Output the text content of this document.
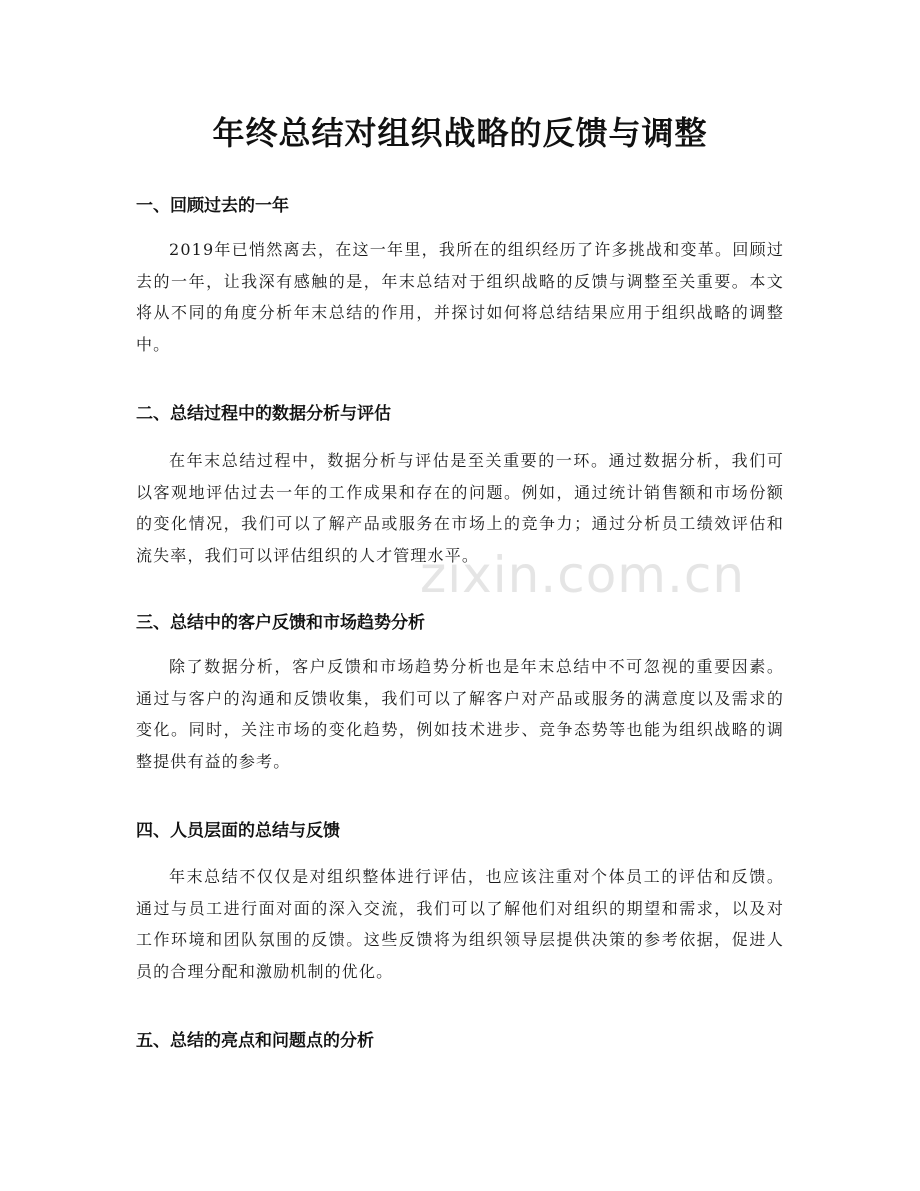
年终总结对组织战略的反馈与调整
一、回顾过去的一年

2019年已悄然离去，在这一年里，我所在的组织经历了许多挑战和变革。回顾过去的一年，让我深有感触的是，年末总结对于组织战略的反馈与调整至关重要。本文将从不同的角度分析年末总结的作用，并探讨如何将总结结果应用于组织战略的调整中。

二、总结过程中的数据分析与评估

在年末总结过程中，数据分析与评估是至关重要的一环。通过数据分析，我们可以客观地评估过去一年的工作成果和存在的问题。例如，通过统计销售额和市场份额的变化情况，我们可以了解产品或服务在市场上的竞争力；通过分析员工绩效评估和流失率，我们可以评估组织的人才管理水平。

三、总结中的客户反馈和市场趋势分析

除了数据分析，客户反馈和市场趋势分析也是年末总结中不可忽视的重要因素。通过与客户的沟通和反馈收集，我们可以了解客户对产品或服务的满意度以及需求的变化。同时，关注市场的变化趋势，例如技术进步、竞争态势等也能为组织战略的调整提供有益的参考。

四、人员层面的总结与反馈

年末总结不仅仅是对组织整体进行评估，也应该注重对个体员工的评估和反馈。通过与员工进行面对面的深入交流，我们可以了解他们对组织的期望和需求，以及对工作环境和团队氛围的反馈。这些反馈将为组织领导层提供决策的参考依据，促进人员的合理分配和激励机制的优化。

五、总结的亮点和问题点的分析
zixin.com.cn
